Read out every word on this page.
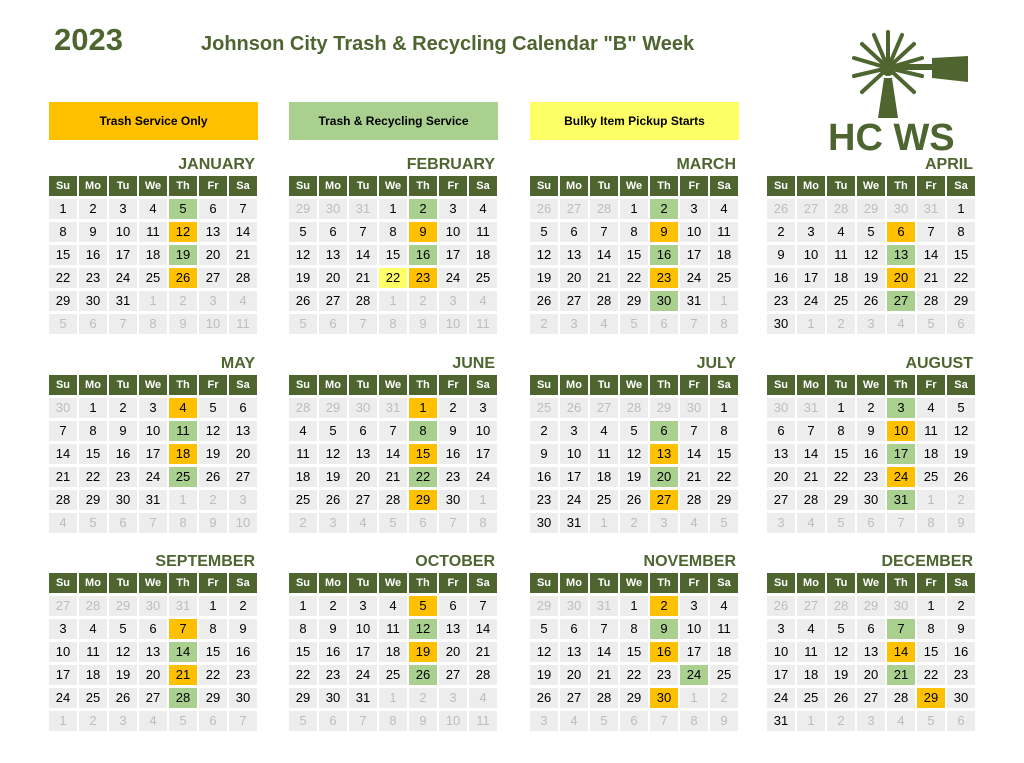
2023	Johnson City Trash & Recycling Calendar "B" Week
Trash Service Only	Trash & Recycling Service	Bulky Item Pickup Starts	HC WS
JANUARY
Su	Mo	Tu	We	Th	Fr	Sa
1	2	3	4	5	6	7
8	9	10	11	12	13	14
15	16	17	18	19	20	21
22	23	24	25	26	27	28
29	30	31	1	2	3	4
5	6	7	8	9	10	11
FEBRUARY
Su	Mo	Tu	We	Th	Fr	Sa
29	30	31	1	2	3	4
5	6	7	8	9	10	11
12	13	14	15	16	17	18
19	20	21	22	23	24	25
26	27	28	1	2	3	4
5	6	7	8	9	10	11
MARCH
Su	Mo	Tu	We	Th	Fr	Sa
26	27	28	1	2	3	4
5	6	7	8	9	10	11
12	13	14	15	16	17	18
19	20	21	22	23	24	25
26	27	28	29	30	31	1
2	3	4	5	6	7	8
APRIL
Su	Mo	Tu	We	Th	Fr	Sa
26	27	28	29	30	31	1
2	3	4	5	6	7	8
9	10	11	12	13	14	15
16	17	18	19	20	21	22
23	24	25	26	27	28	29
30	1	2	3	4	5	6
MAY
Su	Mo	Tu	We	Th	Fr	Sa
30	1	2	3	4	5	6
7	8	9	10	11	12	13
14	15	16	17	18	19	20
21	22	23	24	25	26	27
28	29	30	31	1	2	3
4	5	6	7	8	9	10
JUNE
Su	Mo	Tu	We	Th	Fr	Sa
28	29	30	31	1	2	3
4	5	6	7	8	9	10
11	12	13	14	15	16	17
18	19	20	21	22	23	24
25	26	27	28	29	30	1
2	3	4	5	6	7	8
JULY
Su	Mo	Tu	We	Th	Fr	Sa
25	26	27	28	29	30	1
2	3	4	5	6	7	8
9	10	11	12	13	14	15
16	17	18	19	20	21	22
23	24	25	26	27	28	29
30	31	1	2	3	4	5
AUGUST
Su	Mo	Tu	We	Th	Fr	Sa
30	31	1	2	3	4	5
6	7	8	9	10	11	12
13	14	15	16	17	18	19
20	21	22	23	24	25	26
27	28	29	30	31	1	2
3	4	5	6	7	8	9
SEPTEMBER
Su	Mo	Tu	We	Th	Fr	Sa
27	28	29	30	31	1	2
3	4	5	6	7	8	9
10	11	12	13	14	15	16
17	18	19	20	21	22	23
24	25	26	27	28	29	30
1	2	3	4	5	6	7
OCTOBER
Su	Mo	Tu	We	Th	Fr	Sa
1	2	3	4	5	6	7
8	9	10	11	12	13	14
15	16	17	18	19	20	21
22	23	24	25	26	27	28
29	30	31	1	2	3	4
5	6	7	8	9	10	11
NOVEMBER
Su	Mo	Tu	We	Th	Fr	Sa
29	30	31	1	2	3	4
5	6	7	8	9	10	11
12	13	14	15	16	17	18
19	20	21	22	23	24	25
26	27	28	29	30	1	2
3	4	5	6	7	8	9
DECEMBER
Su	Mo	Tu	We	Th	Fr	Sa
26	27	28	29	30	1	2
3	4	5	6	7	8	9
10	11	12	13	14	15	16
17	18	19	20	21	22	23
24	25	26	27	28	29	30
31	1	2	3	4	5	6
